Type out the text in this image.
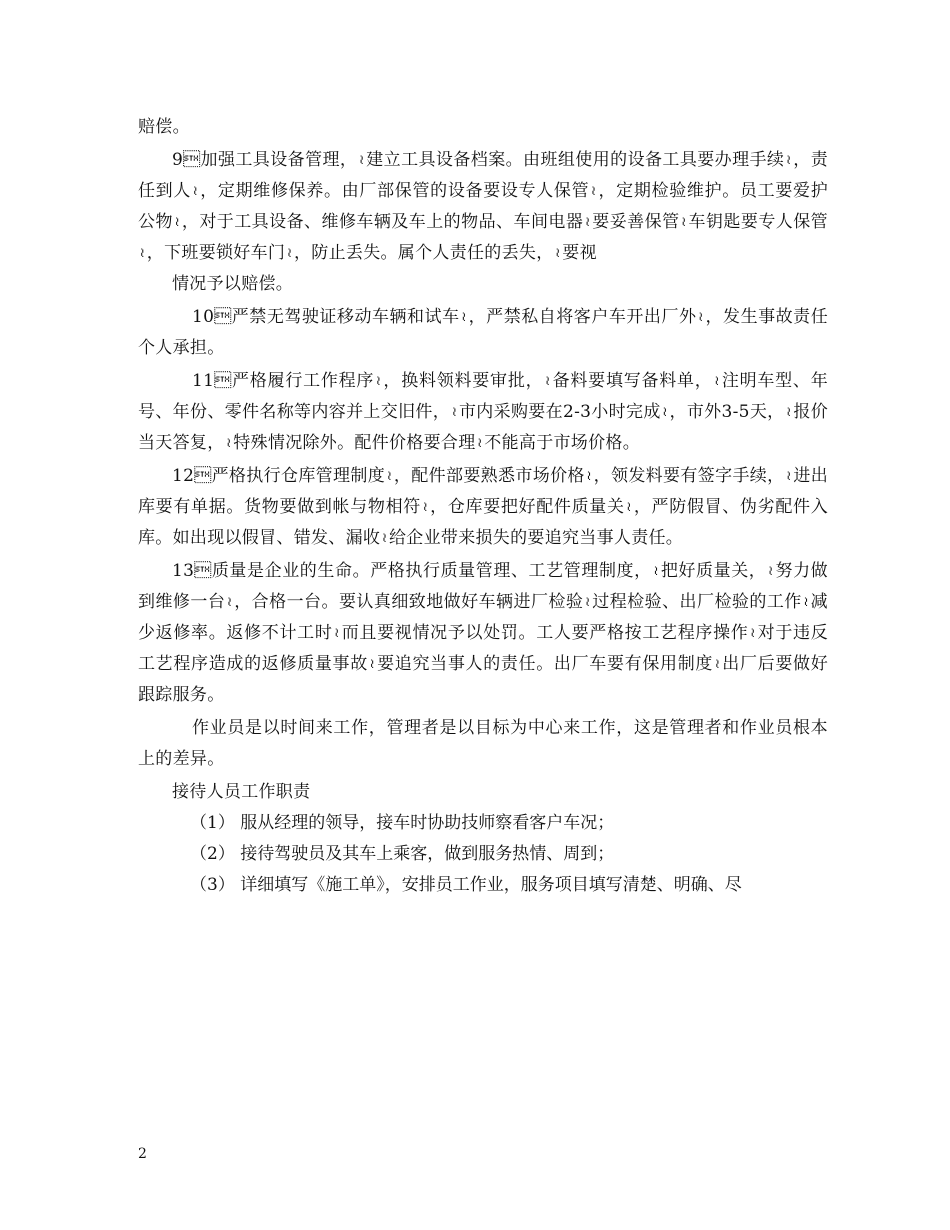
赔偿。

9加强工具设备管理，≀建立工具设备档案。由班组使用的设备工具要办理手续≀，责任到人≀，定期维修保养。由厂部保管的设备要设专人保管≀，定期检验维护。员工要爱护公物≀，对于工具设备、维修车辆及车上的物品、车间电器≀要妥善保管≀车钥匙要专人保管≀，下班要锁好车门≀，防止丢失。属个人责任的丢失，≀要视

情况予以赔偿。

10严禁无驾驶证移动车辆和试车≀，严禁私自将客户车开出厂外≀，发生事故责任个人承担。

11严格履行工作程序≀，换料领料要审批，≀备料要填写备料单，≀注明车型、年号、年份、零件名称等内容并上交旧件，≀市内采购要在2-3小时完成≀，市外3-5天，≀报价当天答复，≀特殊情况除外。配件价格要合理≀不能高于市场价格。

12严格执行仓库管理制度≀，配件部要熟悉市场价格≀，领发料要有签字手续，≀进出库要有单据。货物要做到帐与物相符≀，仓库要把好配件质量关≀，严防假冒、伪劣配件入库。如出现以假冒、错发、漏收≀给企业带来损失的要追究当事人责任。

13质量是企业的生命。严格执行质量管理、工艺管理制度，≀把好质量关，≀努力做到维修一台≀，合格一台。要认真细致地做好车辆进厂检验≀过程检验、出厂检验的工作≀减少返修率。返修不计工时≀而且要视情况予以处罚。工人要严格按工艺程序操作≀对于违反工艺程序造成的返修质量事故≀要追究当事人的责任。出厂车要有保用制度≀出厂后要做好跟踪服务。

作业员是以时间来工作，管理者是以目标为中心来工作，这是管理者和作业员根本上的差异。

接待人员工作职责

（1） 服从经理的领导，接车时协助技师察看客户车况；

（2） 接待驾驶员及其车上乘客，做到服务热情、周到；

（3） 详细填写《施工单》，安排员工作业，服务项目填写清楚、明确、尽

2
